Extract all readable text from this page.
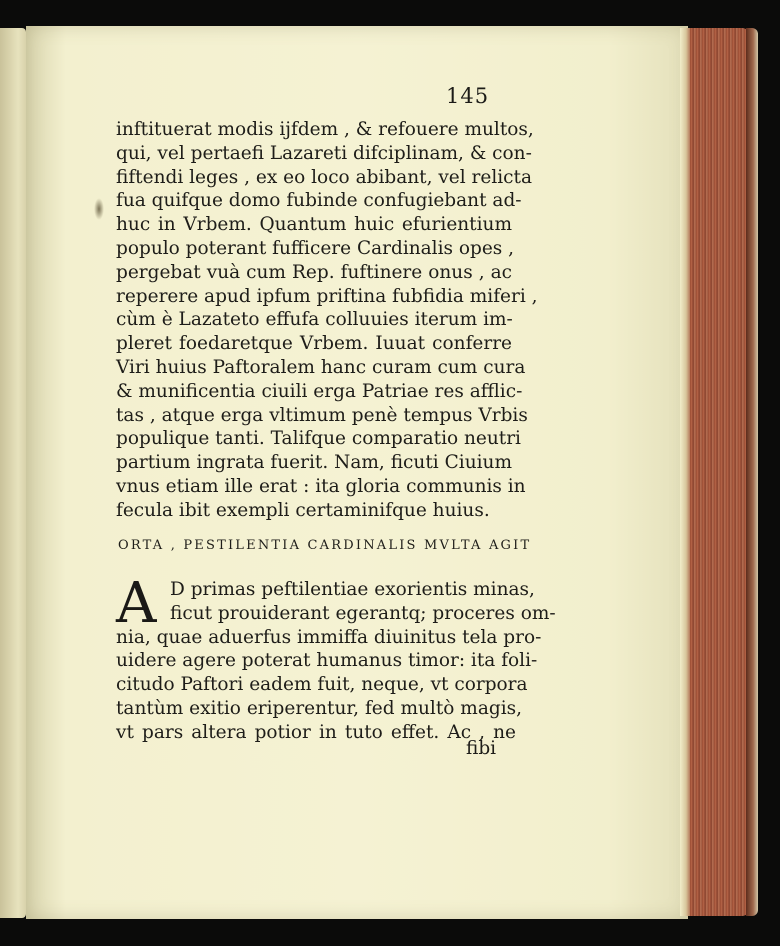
145
inftituerat modis ijfdem , & refouere multos,
qui, vel pertaefi Lazareti difciplinam, & con-
fiftendi leges , ex eo loco abibant, vel relicta
fua quifque domo fubinde confugiebant ad-
huc in Vrbem. Quantum huic efurientium
populo poterant fufficere Cardinalis opes ,
pergebat vuà cum Rep. fuftinere onus , ac
reperere apud ipfum priftina fubfidia miferi ,
cùm è Lazateto effufa colluuies iterum im-
pleret foedaretque Vrbem. Iuuat conferre
Viri huius Paftoralem hanc curam cum cura
& munificentia ciuili erga Patriae res afflic-
tas , atque erga vltimum penè tempus Vrbis
populique tanti. Talifque comparatio neutri
partium ingrata fuerit. Nam, ficuti Ciuium
vnus etiam ille erat : ita gloria communis in
fecula ibit exempli certaminifque huius.
ORTA , PESTILENTIA CARDINALIS MVLTA AGIT
A D primas peftilentiae exorientis minas,
ficut prouiderant egerantq; proceres om-
nia, quae aduerfus immiffa diuinitus tela pro-
uidere agere poterat humanus timor: ita foli-
citudo Paftori eadem fuit, neque, vt corpora
tantùm exitio eriperentur, fed multò magis,
vt pars altera potior in tuto effet. Ac , ne
fibi
